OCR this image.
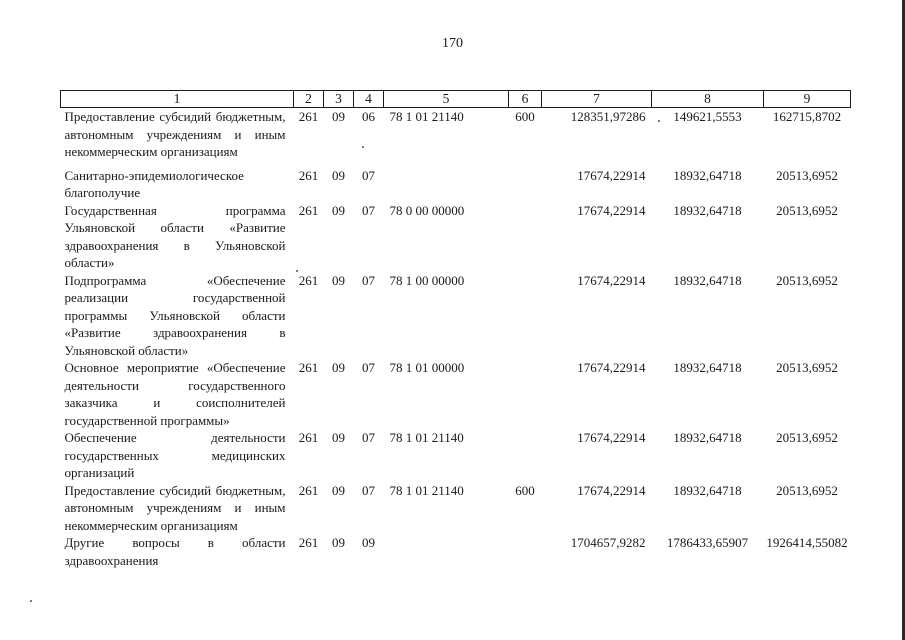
170
1	2	3	4	5	6	7	8	9
Предоставление субсидий бюджетным, автономным учреждениям и иным некоммерческим организациям	261	09	06	78 1 01 21140	600	128351,97286	149621,5553	162715,8702

Санитарно-эпидемиологическое благополучие	261	09	07			17674,22914	18932,64718	20513,6952
Государственная программа Ульяновской области «Развитие здравоохранения в Ульяновской области»	261	09	07	78 0 00 00000		17674,22914	18932,64718	20513,6952
Подпрограмма «Обеспечение реализации государственной программы Ульяновской области «Развитие здравоохранения в Ульяновской области»	261	09	07	78 1 00 00000		17674,22914	18932,64718	20513,6952
Основное мероприятие «Обеспечение деятельности государственного заказчика и соисполнителей государственной программы»	261	09	07	78 1 01 00000		17674,22914	18932,64718	20513,6952
Обеспечение деятельности государственных медицинских организаций	261	09	07	78 1 01 21140		17674,22914	18932,64718	20513,6952
Предоставление субсидий бюджетным, автономным учреждениям и иным некоммерческим организациям	261	09	07	78 1 01 21140	600	17674,22914	18932,64718	20513,6952
Другие вопросы в области здравоохранения	261	09	09			1704657,9282	1786433,65907	1926414,55082
